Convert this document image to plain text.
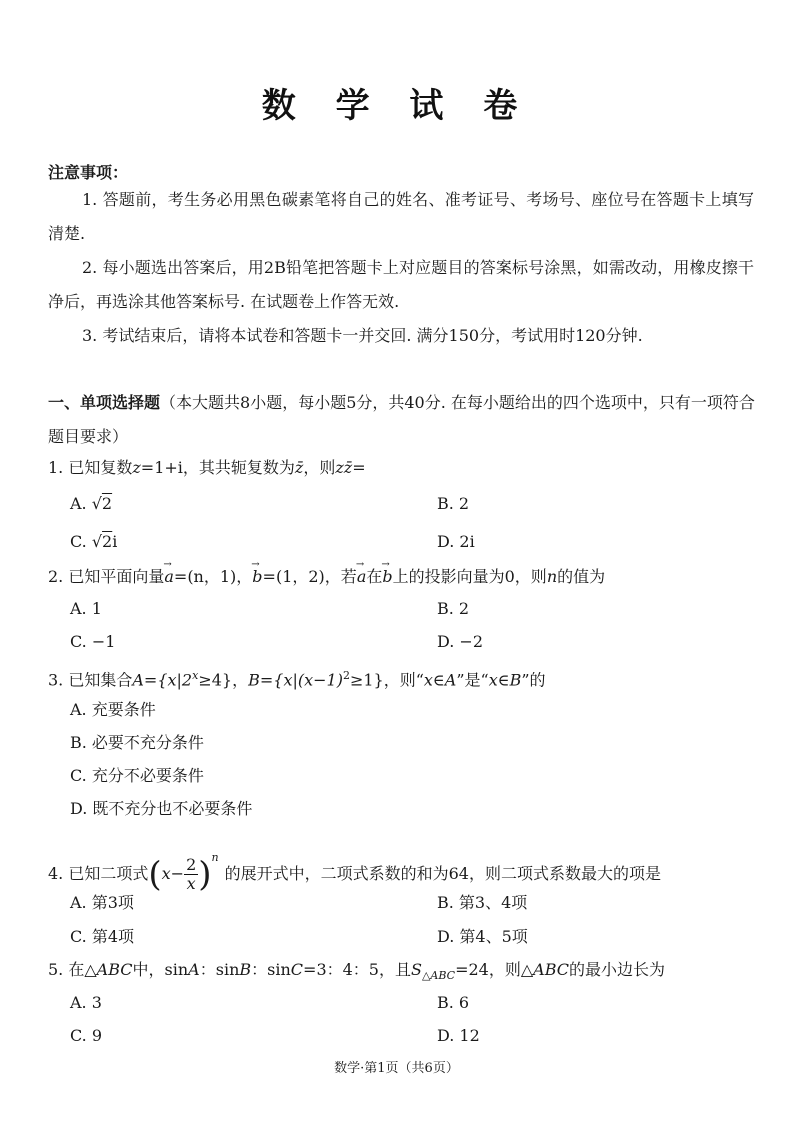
数 学 试 卷
注意事项：
1. 答题前，考生务必用黑色碳素笔将自己的姓名、准考证号、考场号、座位号在答题卡上填写清楚.
2. 每小题选出答案后，用2B铅笔把答题卡上对应题目的答案标号涂黑，如需改动，用橡皮擦干净后，再选涂其他答案标号. 在试题卷上作答无效.
3. 考试结束后，请将本试卷和答题卡一并交回. 满分150分，考试用时120分钟.
一、单项选择题（本大题共8小题，每小题5分，共40分. 在每小题给出的四个选项中，只有一项符合题目要求）
1. 已知复数z=1+i，其共轭复数为z̄，则zz̄=
A. √2	B. 2
C. √2i	D. 2i
2. 已知平面向量→ a=(n，1)，→ b=(1，2)，若→ a在→ b上的投影向量为0，则n的值为
A. 1	B. 2
C. −1	D. −2
3. 已知集合$A=\{x|2^x\ge 4\}$，$B=\{x|(x-1)^2\ge 1\}$，则“x∈A”是“x∈B”的
A. 充要条件
B. 必要不充分条件
C. 充分不必要条件
D. 既不充分也不必要条件
4. 已知二项式$(x- \frac{2}{x} )^n$的展开式中，二项式系数的和为64，则二项式系数最大的项是
A. 第3项	B. 第3、4项
C. 第4项	D. 第4、5项
5. 在△ABC中，sinA：sinB：sinC=3：4：5，且$S_{\triangle ABC}=24$，则△ABC的最小边长为
A. 3	B. 6
C. 9	D. 12
数学·第1页（共6页）
